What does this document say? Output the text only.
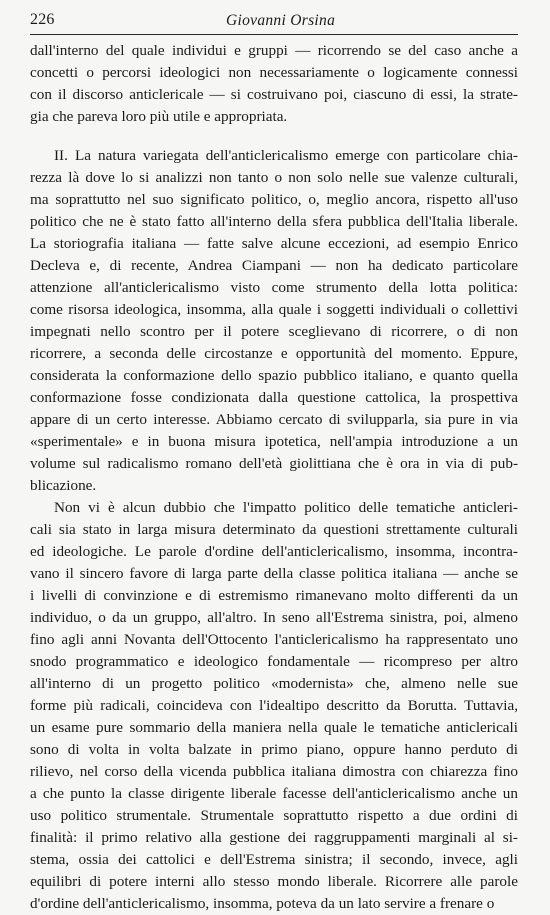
226	Giovanni Orsina
dall'interno del quale individui e gruppi — ricorrendo se del caso anche a
concetti o percorsi ideologici non necessariamente o logicamente connessi
con il discorso anticlericale — si costruivano poi, ciascuno di essi, la strate-
gia che pareva loro più utile e appropriata.
II. La natura variegata dell'anticlericalismo emerge con particolare chia-
rezza là dove lo si analizzi non tanto o non solo nelle sue valenze culturali,
ma soprattutto nel suo significato politico, o, meglio ancora, rispetto all'uso
politico che ne è stato fatto all'interno della sfera pubblica dell'Italia liberale.
La storiografia italiana — fatte salve alcune eccezioni, ad esempio Enrico
Decleva e, di recente, Andrea Ciampani — non ha dedicato particolare
attenzione all'anticlericalismo visto come strumento della lotta politica:
come risorsa ideologica, insomma, alla quale i soggetti individuali o collettivi
impegnati nello scontro per il potere sceglievano di ricorrere, o di non
ricorrere, a seconda delle circostanze e opportunità del momento. Eppure,
considerata la conformazione dello spazio pubblico italiano, e quanto quella
conformazione fosse condizionata dalla questione cattolica, la prospettiva
appare di un certo interesse. Abbiamo cercato di svilupparla, sia pure in via
«sperimentale» e in buona misura ipotetica, nell'ampia introduzione a un
volume sul radicalismo romano dell'età giolittiana che è ora in via di pub-
blicazione.
Non vi è alcun dubbio che l'impatto politico delle tematiche anticleri-
cali sia stato in larga misura determinato da questioni strettamente culturali
ed ideologiche. Le parole d'ordine dell'anticlericalismo, insomma, incontra-
vano il sincero favore di larga parte della classe politica italiana — anche se
i livelli di convinzione e di estremismo rimanevano molto differenti da un
individuo, o da un gruppo, all'altro. In seno all'Estrema sinistra, poi, almeno
fino agli anni Novanta dell'Ottocento l'anticlericalismo ha rappresentato uno
snodo programmatico e ideologico fondamentale — ricompreso per altro
all'interno di un progetto politico «modernista» che, almeno nelle sue
forme più radicali, coincideva con l'idealtipo descritto da Borutta. Tuttavia,
un esame pure sommario della maniera nella quale le tematiche anticlericali
sono di volta in volta balzate in primo piano, oppure hanno perduto di
rilievo, nel corso della vicenda pubblica italiana dimostra con chiarezza fino
a che punto la classe dirigente liberale facesse dell'anticlericalismo anche un
uso politico strumentale. Strumentale soprattutto rispetto a due ordini di
finalità: il primo relativo alla gestione dei raggruppamenti marginali al si-
stema, ossia dei cattolici e dell'Estrema sinistra; il secondo, invece, agli
equilibri di potere interni allo stesso mondo liberale. Ricorrere alle parole
d'ordine dell'anticlericalismo, insomma, poteva da un lato servire a frenare o
